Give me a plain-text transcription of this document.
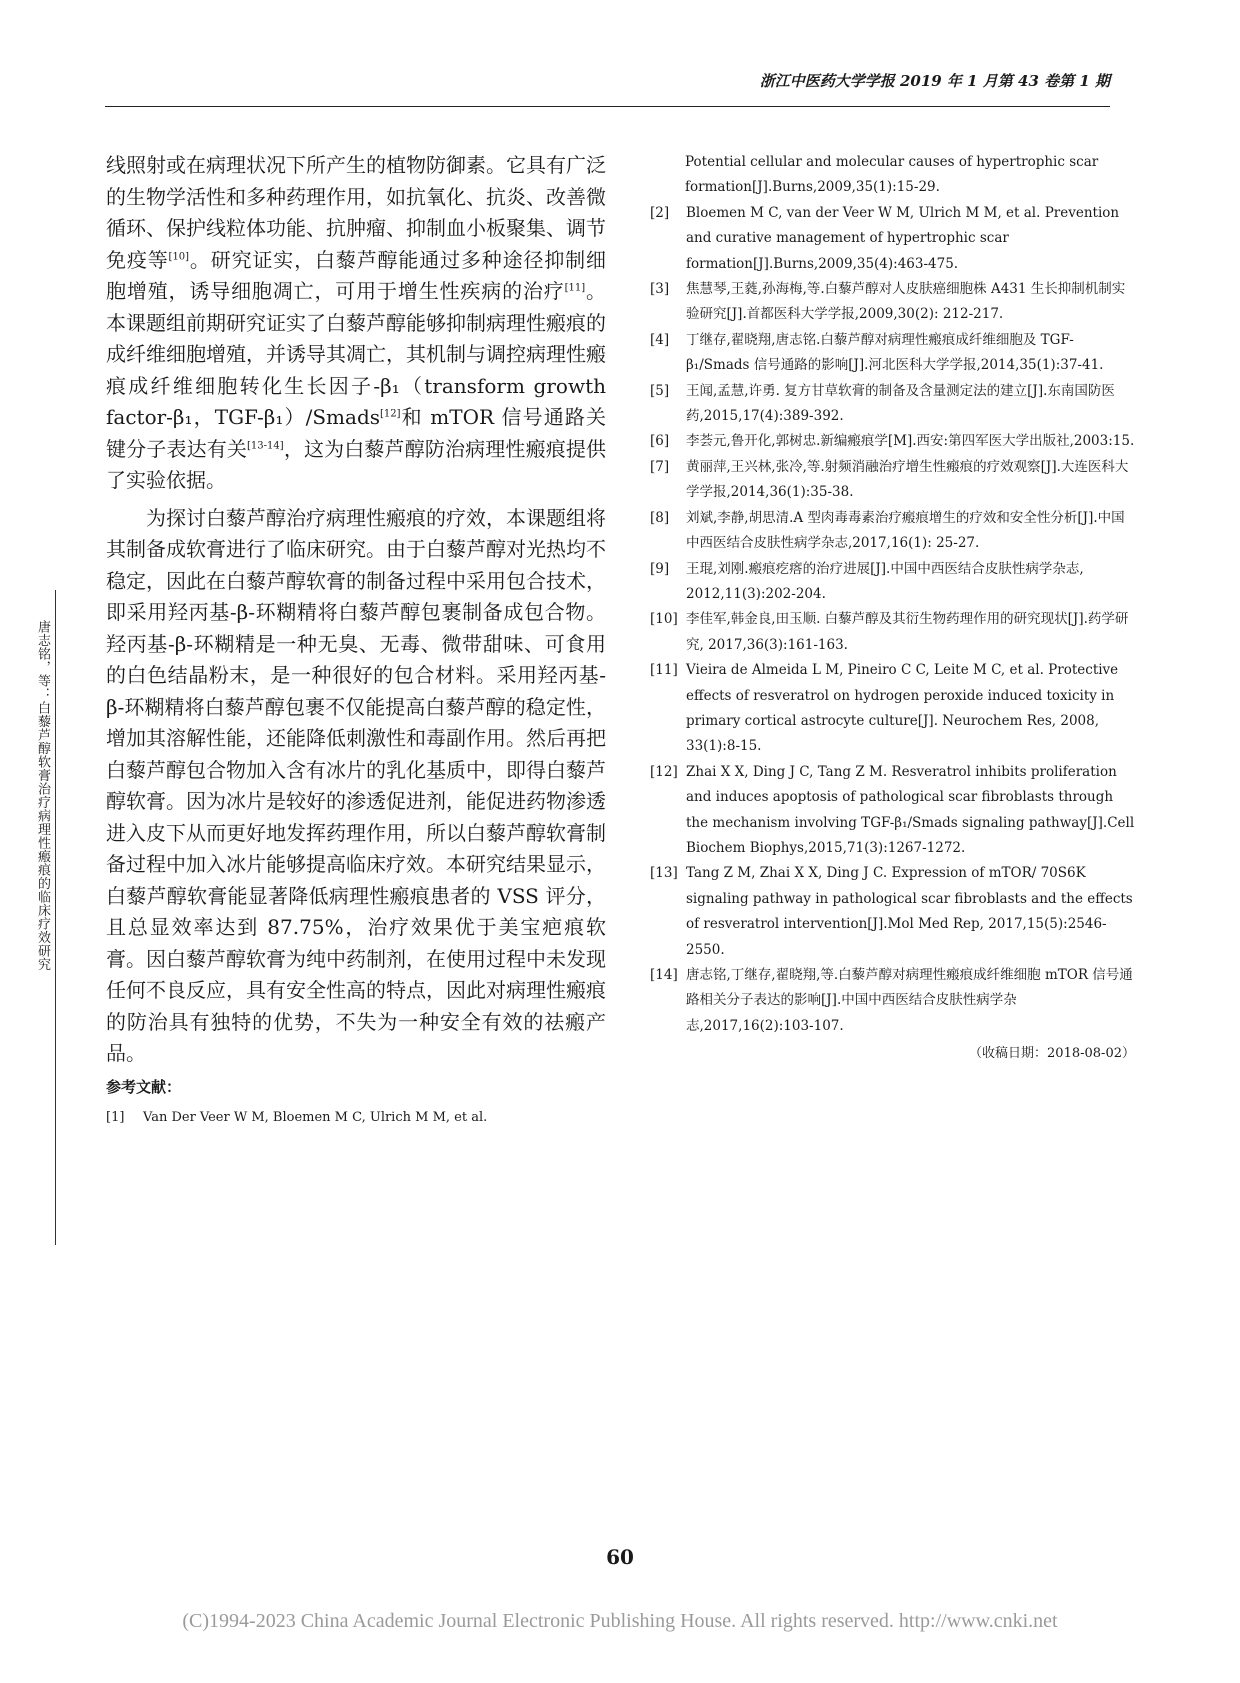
浙江中医药大学学报 2019 年 1 月第 43 卷第 1 期
唐志铭，等：白藜芦醇软膏治疗病理性瘢痕的临床疗效研究

线照射或在病理状况下所产生的植物防御素。它具有广泛的生物学活性和多种药理作用，如抗氧化、抗炎、改善微循环、保护线粒体功能、抗肿瘤、抑制血小板聚集、调节免疫等[10]。研究证实，白藜芦醇能通过多种途径抑制细胞增殖，诱导细胞凋亡，可用于增生性疾病的治疗[11]。本课题组前期研究证实了白藜芦醇能够抑制病理性瘢痕的成纤维细胞增殖，并诱导其凋亡，其机制与调控病理性瘢痕成纤维细胞转化生长因子-β₁（transform growth factor-β₁，TGF-β₁）/Smads[12]和 mTOR 信号通路关键分子表达有关[13-14]，这为白藜芦醇防治病理性瘢痕提供了实验依据。

为探讨白藜芦醇治疗病理性瘢痕的疗效，本课题组将其制备成软膏进行了临床研究。由于白藜芦醇对光热均不稳定，因此在白藜芦醇软膏的制备过程中采用包合技术，即采用羟丙基-β-环糊精将白藜芦醇包裹制备成包合物。羟丙基-β-环糊精是一种无臭、无毒、微带甜味、可食用的白色结晶粉末，是一种很好的包合材料。采用羟丙基-β-环糊精将白藜芦醇包裹不仅能提高白藜芦醇的稳定性，增加其溶解性能，还能降低刺激性和毒副作用。然后再把白藜芦醇包合物加入含有冰片的乳化基质中，即得白藜芦醇软膏。因为冰片是较好的渗透促进剂，能促进药物渗透进入皮下从而更好地发挥药理作用，所以白藜芦醇软膏制备过程中加入冰片能够提高临床疗效。本研究结果显示，白藜芦醇软膏能显著降低病理性瘢痕患者的 VSS 评分，且总显效率达到 87.75%，治疗效果优于美宝疤痕软膏。因白藜芦醇软膏为纯中药制剂，在使用过程中未发现任何不良反应，具有安全性高的特点，因此对病理性瘢痕的防治具有独特的优势，不失为一种安全有效的祛瘢产品。

参考文献：
[1]	Van Der Veer W M, Bloemen M C, Ulrich M M, et al.
Potential cellular and molecular causes of hypertrophic scar formation[J].Burns,2009,35(1):15-29.
[2]	Bloemen M C, van der Veer W M, Ulrich M M, et al. Prevention and curative management of hypertrophic scar formation[J].Burns,2009,35(4):463-475.
[3]	焦慧琴,王蕤,孙海梅,等.白藜芦醇对人皮肤癌细胞株 A431 生长抑制机制实验研究[J].首都医科大学学报,2009,30(2): 212-217.
[4]	丁继存,翟晓翔,唐志铭.白藜芦醇对病理性瘢痕成纤维细胞及 TGF-β₁/Smads 信号通路的影响[J].河北医科大学学报,2014,35(1):37-41.
[5]	王闻,孟慧,许勇. 复方甘草软膏的制备及含量测定法的建立[J].东南国防医药,2015,17(4):389-392.
[6]	李荟元,鲁开化,郭树忠.新编瘢痕学[M].西安:第四军医大学出版社,2003:15.
[7]	黄丽萍,王兴林,张冷,等.射频消融治疗增生性瘢痕的疗效观察[J].大连医科大学学报,2014,36(1):35-38.
[8]	刘斌,李静,胡思清.A 型肉毒毒素治疗瘢痕增生的疗效和安全性分析[J].中国中西医结合皮肤性病学杂志,2017,16(1): 25-27.
[9]	王琨,刘刚.瘢痕疙瘩的治疗进展[J].中国中西医结合皮肤性病学杂志, 2012,11(3):202-204.
[10] 李佳军,韩金良,田玉顺. 白藜芦醇及其衍生物药理作用的研究现状[J].药学研究, 2017,36(3):161-163.
[11] Vieira de Almeida L M, Pineiro C C, Leite M C, et al. Protective effects of resveratrol on hydrogen peroxide induced toxicity in primary cortical astrocyte culture[J]. Neurochem Res, 2008, 33(1):8-15.
[12] Zhai X X, Ding J C, Tang Z M. Resveratrol inhibits proliferation and induces apoptosis of pathological scar fibroblasts through the mechanism involving TGF-β₁/Smads signaling pathway[J].Cell Biochem Biophys,2015,71(3):1267-1272.
[13] Tang Z M, Zhai X X, Ding J C. Expression of mTOR/ 70S6K signaling pathway in pathological scar fibroblasts and the effects of resveratrol intervention[J].Mol Med Rep, 2017,15(5):2546-2550.
[14] 唐志铭,丁继存,翟晓翔,等.白藜芦醇对病理性瘢痕成纤维细胞 mTOR 信号通路相关分子表达的影响[J].中国中西医结合皮肤性病学杂志,2017,16(2):103-107.
（收稿日期：2018-08-02）
60
(C)1994-2023 China Academic Journal Electronic Publishing House. All rights reserved. http://www.cnki.net
